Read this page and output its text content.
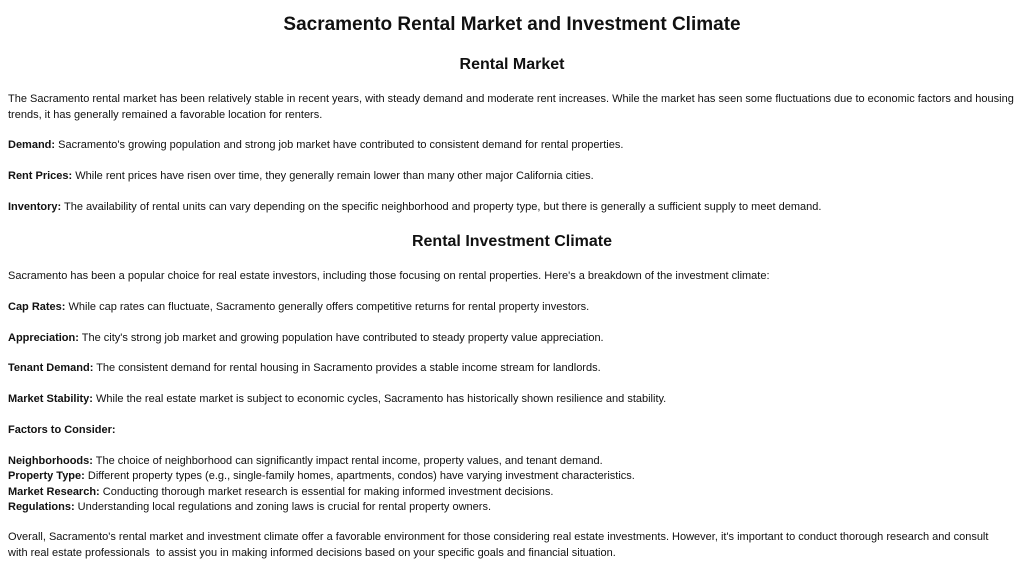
Sacramento Rental Market and Investment Climate
Rental Market

The Sacramento rental market has been relatively stable in recent years, with steady demand and moderate rent increases. While the market has seen some fluctuations due to economic factors and housing trends, it has generally remained a favorable location for renters.

Demand: Sacramento's growing population and strong job market have contributed to consistent demand for rental properties.

Rent Prices: While rent prices have risen over time, they generally remain lower than many other major California cities.

Inventory: The availability of rental units can vary depending on the specific neighborhood and property type, but there is generally a sufficient supply to meet demand.

Rental Investment Climate

Sacramento has been a popular choice for real estate investors, including those focusing on rental properties. Here's a breakdown of the investment climate:

Cap Rates: While cap rates can fluctuate, Sacramento generally offers competitive returns for rental property investors.

Appreciation: The city's strong job market and growing population have contributed to steady property value appreciation.

Tenant Demand: The consistent demand for rental housing in Sacramento provides a stable income stream for landlords.

Market Stability: While the real estate market is subject to economic cycles, Sacramento has historically shown resilience and stability.

Factors to Consider:

Neighborhoods: The choice of neighborhood can significantly impact rental income, property values, and tenant demand.

Property Type: Different property types (e.g., single-family homes, apartments, condos) have varying investment characteristics.

Market Research: Conducting thorough market research is essential for making informed investment decisions.

Regulations: Understanding local regulations and zoning laws is crucial for rental property owners.

Overall, Sacramento's rental market and investment climate offer a favorable environment for those considering real estate investments. However, it's important to conduct thorough research and consult with real estate professionals  to assist you in making informed decisions based on your specific goals and financial situation.
